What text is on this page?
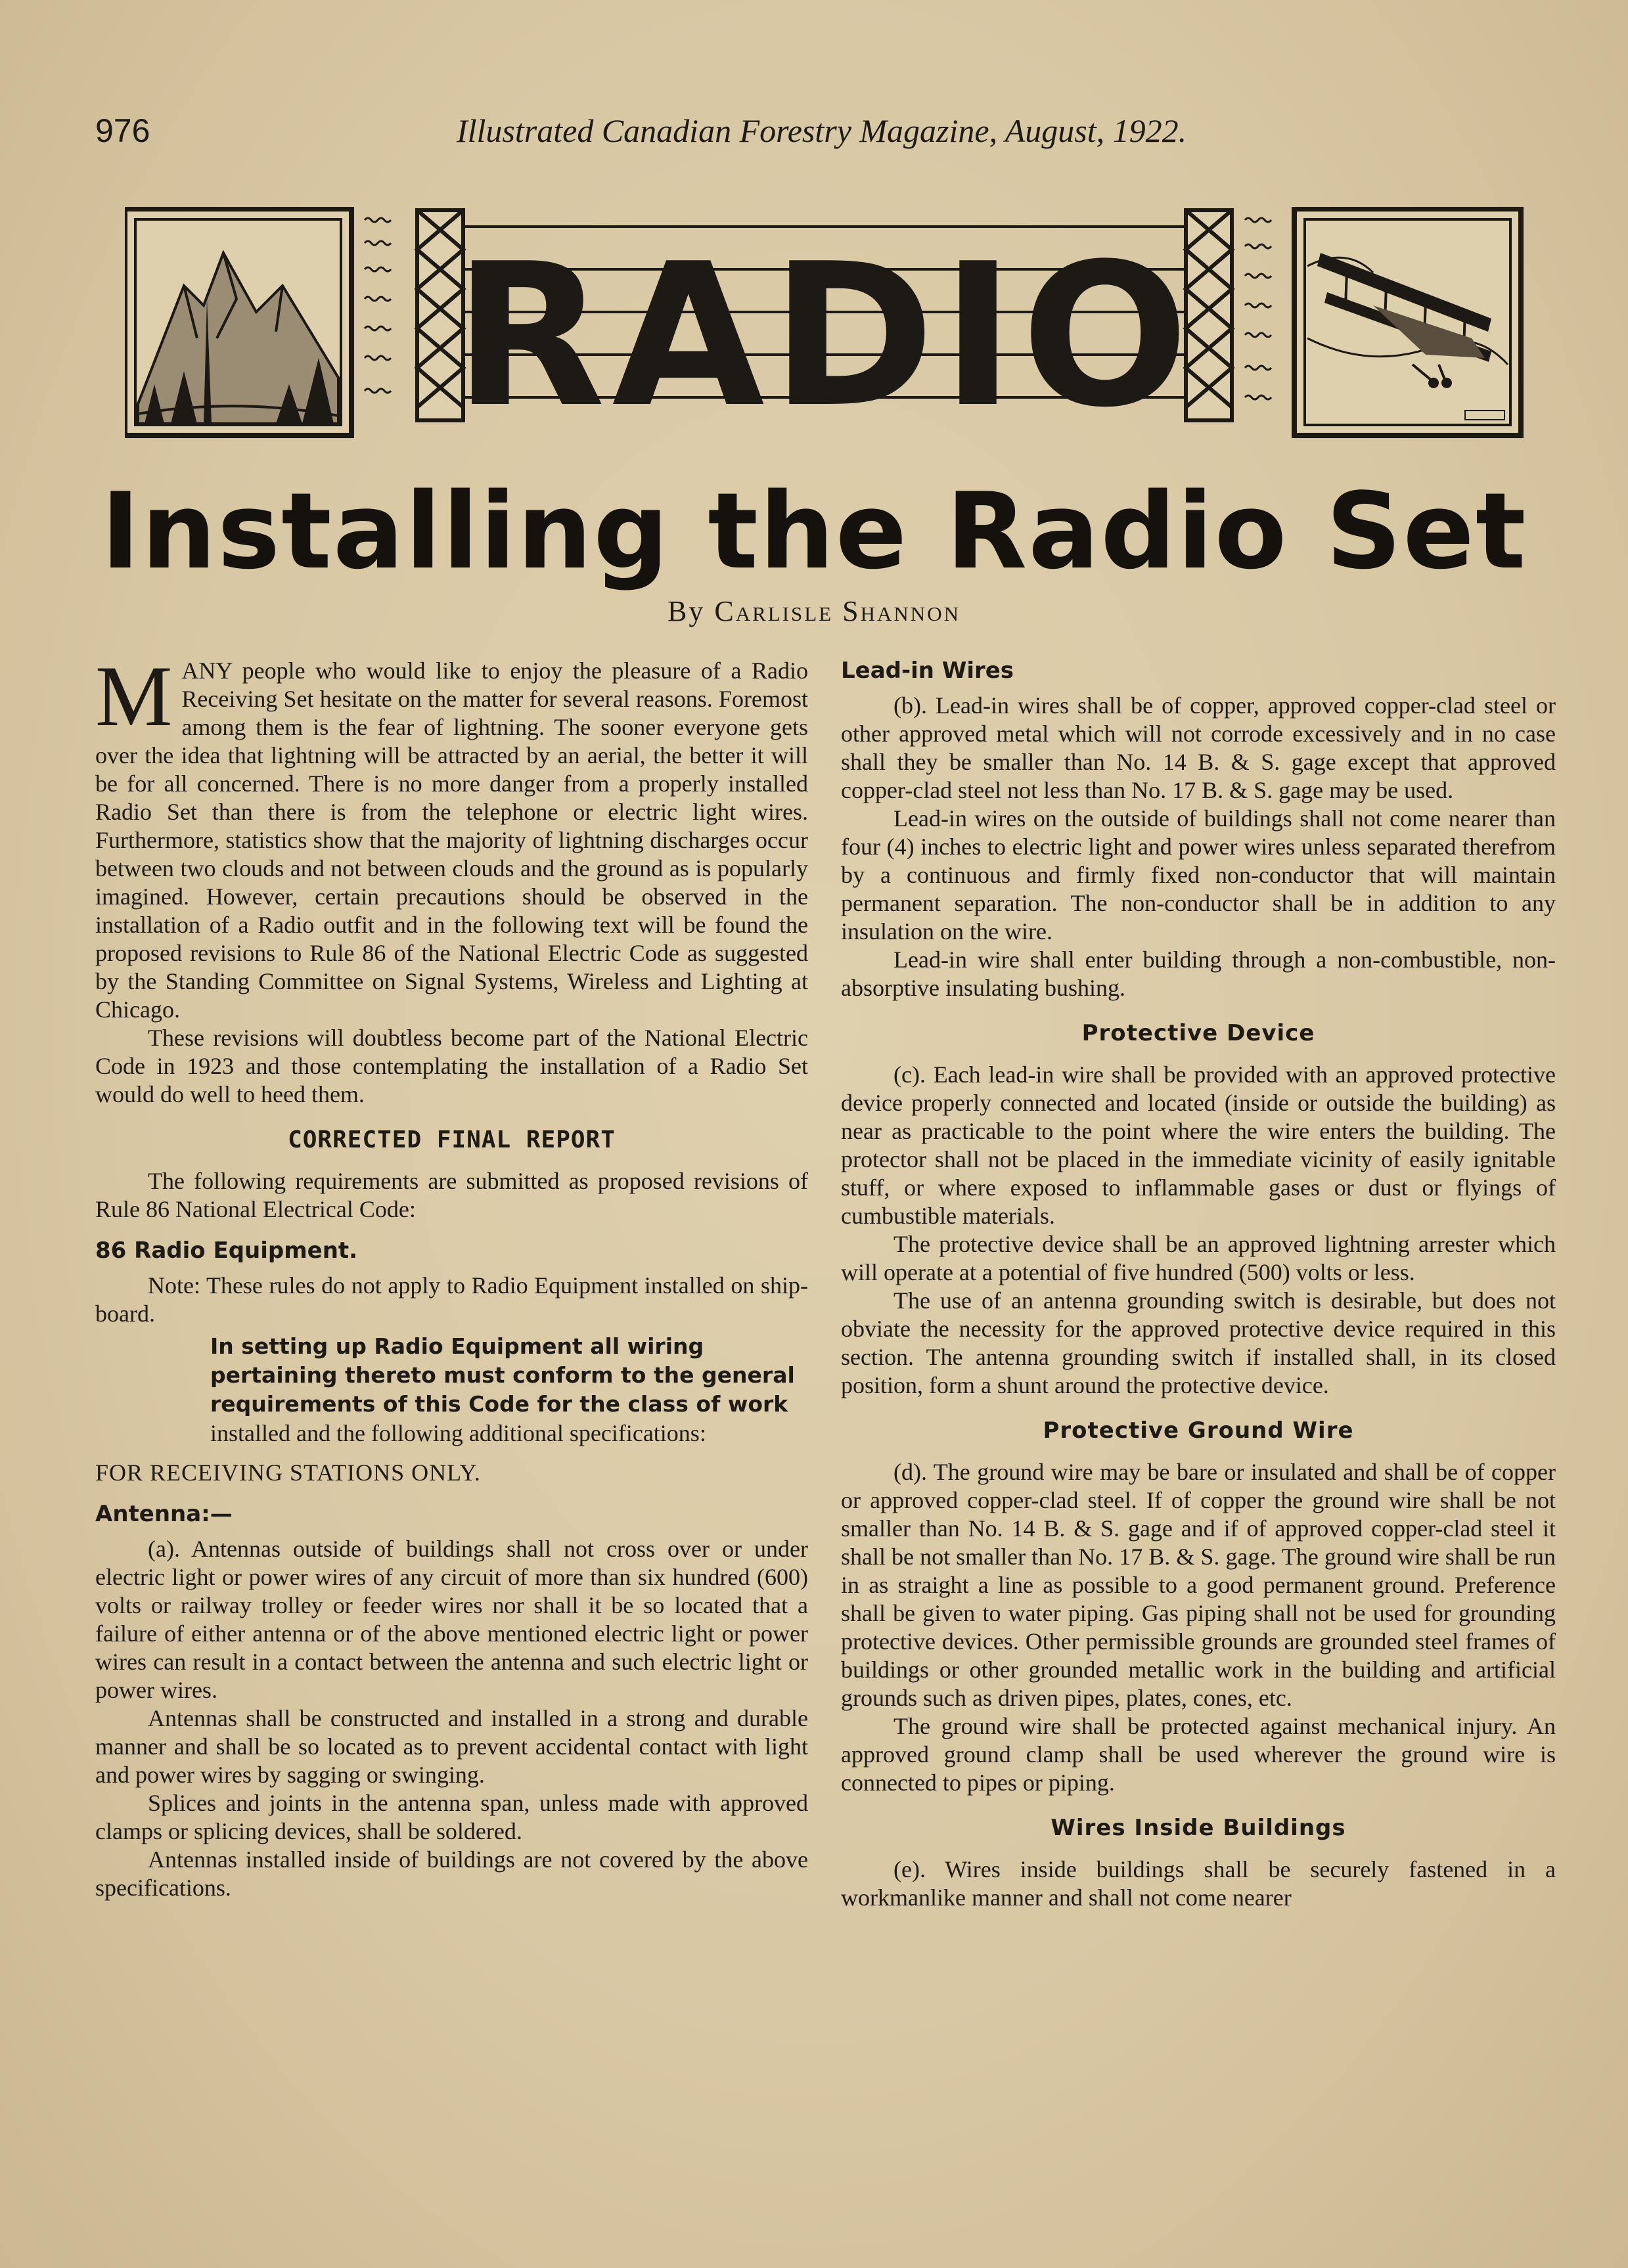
976	Illustrated Canadian Forestry Magazine, August, 1922.
RADIO
Installing the Radio Set
By Carlisle Shannon

MANY people who would like to enjoy the pleasure of a Radio Receiving Set hesitate on the matter for several reasons. Foremost among them is the fear of lightning. The sooner everyone gets over the idea that lightning will be attracted by an aerial, the better it will be for all concerned. There is no more danger from a properly installed Radio Set than there is from the telephone or electric light wires. Furthermore, statistics show that the majority of lightning discharges occur between two clouds and not between clouds and the ground as is popularly imagined. However, certain precautions should be observed in the installation of a Radio outfit and in the following text will be found the proposed revisions to Rule 86 of the National Electric Code as suggested by the Standing Committee on Signal Systems, Wireless and Lighting at Chicago.

These revisions will doubtless become part of the National Electric Code in 1923 and those contemplating the installation of a Radio Set would do well to heed them.

CORRECTED FINAL REPORT

The following requirements are submitted as proposed revisions of Rule 86 National Electrical Code:

86 Radio Equipment.

Note: These rules do not apply to Radio Equipment installed on ship-board.

In setting up Radio Equipment all wiring pertaining thereto must conform to the general requirements of this Code for the class of work installed and the following additional specifications:

FOR RECEIVING STATIONS ONLY.

Antenna:—

(a). Antennas outside of buildings shall not cross over or under electric light or power wires of any circuit of more than six hundred (600) volts or railway trolley or feeder wires nor shall it be so located that a failure of either antenna or of the above mentioned electric light or power wires can result in a contact between the antenna and such electric light or power wires.

Antennas shall be constructed and installed in a strong and durable manner and shall be so located as to prevent accidental contact with light and power wires by sagging or swinging.

Splices and joints in the antenna span, unless made with approved clamps or splicing devices, shall be soldered.

Antennas installed inside of buildings are not covered by the above specifications.

Lead-in Wires

(b). Lead-in wires shall be of copper, approved copper-clad steel or other approved metal which will not corrode excessively and in no case shall they be smaller than No. 14 B. & S. gage except that approved copper-clad steel not less than No. 17 B. & S. gage may be used.

Lead-in wires on the outside of buildings shall not come nearer than four (4) inches to electric light and power wires unless separated therefrom by a continuous and firmly fixed non-conductor that will maintain permanent separation. The non-conductor shall be in addition to any insulation on the wire.

Lead-in wire shall enter building through a non-combustible, non-absorptive insulating bushing.

Protective Device

(c). Each lead-in wire shall be provided with an approved protective device properly connected and located (inside or outside the building) as near as practicable to the point where the wire enters the building. The protector shall not be placed in the immediate vicinity of easily ignitable stuff, or where exposed to inflammable gases or dust or flyings of cumbustible materials.

The protective device shall be an approved lightning arrester which will operate at a potential of five hundred (500) volts or less.

The use of an antenna grounding switch is desirable, but does not obviate the necessity for the approved protective device required in this section. The antenna grounding switch if installed shall, in its closed position, form a shunt around the protective device.

Protective Ground Wire

(d). The ground wire may be bare or insulated and shall be of copper or approved copper-clad steel. If of copper the ground wire shall be not smaller than No. 14 B. & S. gage and if of approved copper-clad steel it shall be not smaller than No. 17 B. & S. gage. The ground wire shall be run in as straight a line as possible to a good permanent ground. Preference shall be given to water piping. Gas piping shall not be used for grounding protective devices. Other permissible grounds are grounded steel frames of buildings or other grounded metallic work in the building and artificial grounds such as driven pipes, plates, cones, etc.

The ground wire shall be protected against mechanical injury. An approved ground clamp shall be used wherever the ground wire is connected to pipes or piping.

Wires Inside Buildings

(e). Wires inside buildings shall be securely fastened in a workmanlike manner and shall not come nearer
